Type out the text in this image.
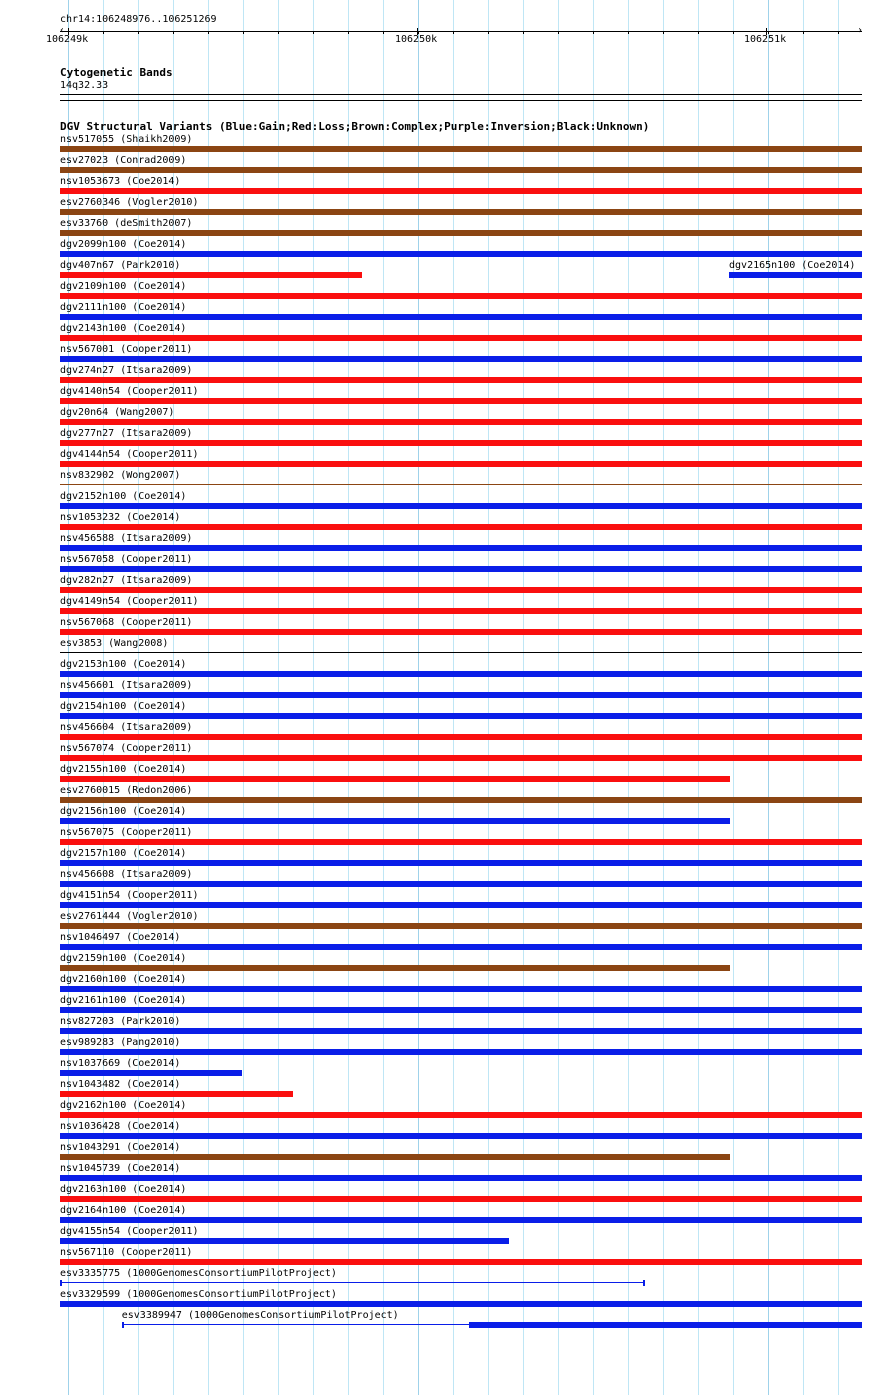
chr14:106248976..106251269
106249k	106250k	106251k
‹	›
Cytogenetic Bands
14q32.33
DGV Structural Variants (Blue:Gain;Red:Loss;Brown:Complex;Purple:Inversion;Black:Unknown)
nsv517055 (Shaikh2009)
esv27023 (Conrad2009)
nsv1053673 (Coe2014)
esv2760346 (Vogler2010)
esv33760 (deSmith2007)
dgv2099n100 (Coe2014)
dgv407n67 (Park2010)
dgv2109n100 (Coe2014)
dgv2111n100 (Coe2014)
dgv2143n100 (Coe2014)
nsv567001 (Cooper2011)
dgv274n27 (Itsara2009)
dgv4140n54 (Cooper2011)
dgv20n64 (Wang2007)
dgv277n27 (Itsara2009)
dgv4144n54 (Cooper2011)
nsv832902 (Wong2007)
dgv2152n100 (Coe2014)
nsv1053232 (Coe2014)
nsv456588 (Itsara2009)
nsv567058 (Cooper2011)
dgv282n27 (Itsara2009)
dgv4149n54 (Cooper2011)
nsv567068 (Cooper2011)
esv3853 (Wang2008)
dgv2153n100 (Coe2014)
nsv456601 (Itsara2009)
dgv2154n100 (Coe2014)
nsv456604 (Itsara2009)
nsv567074 (Cooper2011)
dgv2155n100 (Coe2014)
esv2760015 (Redon2006)
dgv2156n100 (Coe2014)
nsv567075 (Cooper2011)
dgv2157n100 (Coe2014)
nsv456608 (Itsara2009)
dgv4151n54 (Cooper2011)
esv2761444 (Vogler2010)
nsv1046497 (Coe2014)
dgv2159n100 (Coe2014)
dgv2160n100 (Coe2014)
dgv2161n100 (Coe2014)
nsv827203 (Park2010)
esv989283 (Pang2010)
nsv1037669 (Coe2014)
nsv1043482 (Coe2014)
dgv2162n100 (Coe2014)
nsv1036428 (Coe2014)
nsv1043291 (Coe2014)
nsv1045739 (Coe2014)
dgv2163n100 (Coe2014)
dgv2164n100 (Coe2014)
dgv4155n54 (Cooper2011)
nsv567110 (Cooper2011)
esv3335775 (1000GenomesConsortiumPilotProject)
esv3329599 (1000GenomesConsortiumPilotProject)
dgv2165n100 (Coe2014)
esv3389947 (1000GenomesConsortiumPilotProject)
